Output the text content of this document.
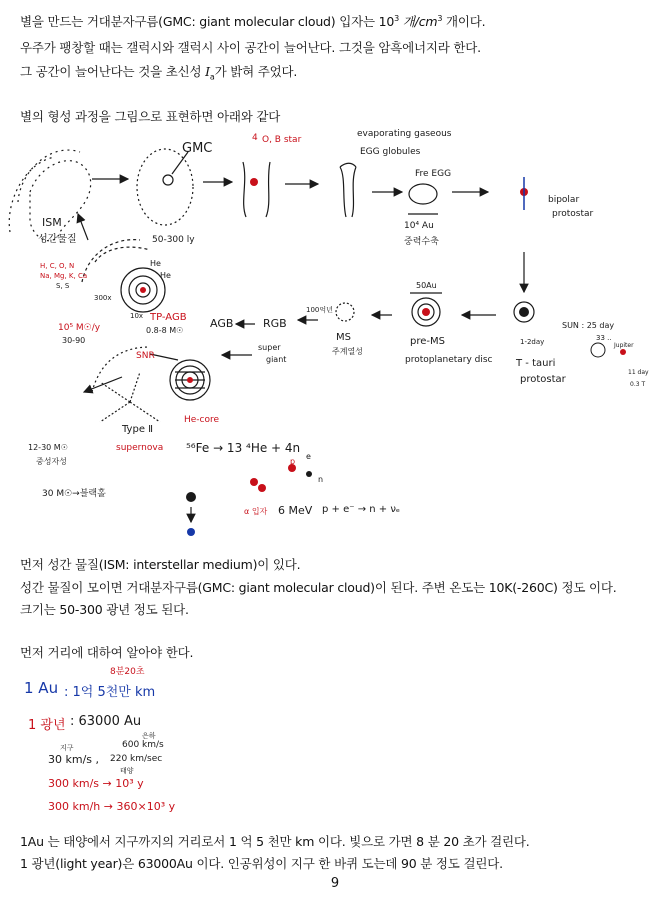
별을 만드는 거대분자구름(GMC: giant molecular cloud) 입자는 $10^3$ 개$/cm^3$ 개이다.
우주가 팽창할 때는 갤럭시와 갤럭시 사이 공간이 늘어난다. 그것을 암흑에너지라 한다.
그 공간이 늘어난다는 것을 초신성 $I_a$가 밝혀 주었다.
별의 형성 과정을 그림으로 표현하면 아래와 같다
GMC
4 O, B star
evaporating gaseous
EGG globules
Fre EGG
bipolar
protostar
ISM
성간물질	50-300 ly
10⁴ Au
중력수축
H, C, O, N
Na, Mg, K, Ca
S, S
He
He
300x
10x TP-AGB
0.8-8 M☉
10⁵ M☉/y
30-90
AGB	RGB
100억년
MS
주계열성
50Au
pre-MS
protoplanetary disc T - tauri
protostar
1-2day
SUN : 25 day
33 ..
Jupiter
11 day
0.3 T
SNR
super
giant
He-core
Type Ⅱ
supernova
12-30 M☉
중성자성
30 M☉→블랙홀
⁵⁶Fe → 13 ⁴He + 4n
p
e
n
α 입자 6 MeV p + e⁻ → n + νₑ
먼저 성간 물질(ISM: interstellar medium)이 있다.
성간 물질이 모이면 거대분자구름(GMC: giant molecular cloud)이 된다. 주변 온도는 10K(-260C) 정도 이다.
크기는 50-300 광년 정도 된다.
먼저 거리에 대하여 알아야 한다.
8분20초
1 Au : 1억 5천만 km
1 광년 : 63000 Au
지구
은하
600 km/s
30 km/s , 220 km/sec
태양
300 km/s → 10³ y
300 km/h → 360×10³ y
1Au 는 태양에서 지구까지의 거리로서 1 억 5 천만 km 이다. 빛으로 가면 8 분 20 초가 걸린다.
1 광년(light year)은 63000Au 이다. 인공위성이 지구 한 바퀴 도는데 90 분 정도 걸린다.
9
